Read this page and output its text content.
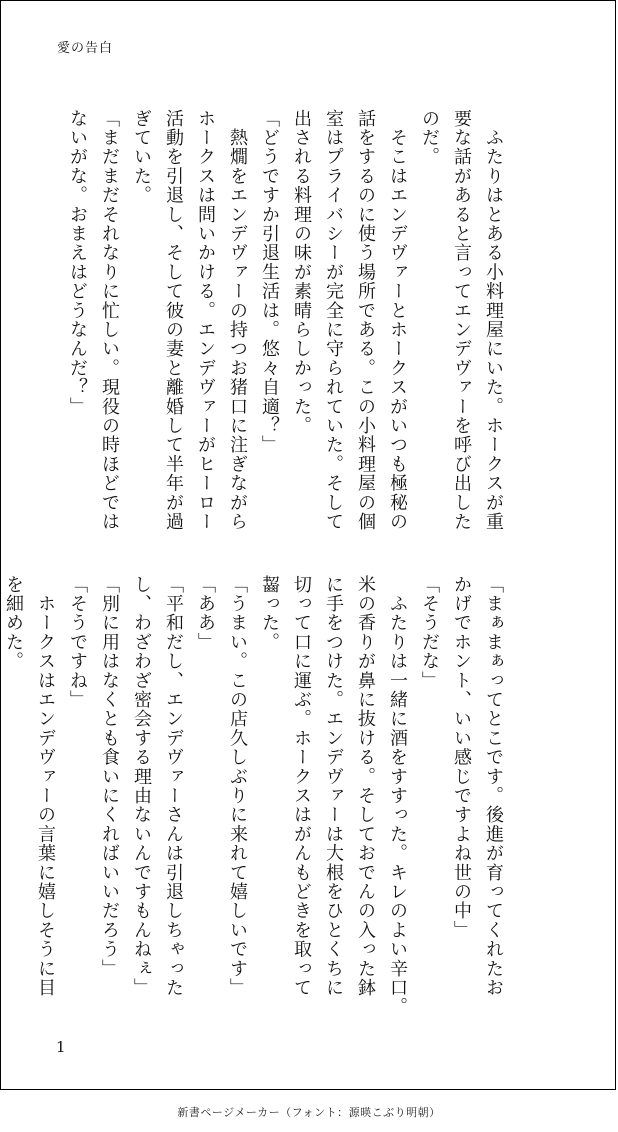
愛の告白
　ふたりはとある小料理屋にいた。ホークスが重
要な話があると言ってエンデヴァーを呼び出した
のだ。
　そこはエンデヴァーとホークスがいつも極秘の
話をするのに使う場所である。この小料理屋の個
室はプライバシーが完全に守られていた。そして
出される料理の味が素晴らしかった。
「どうですか引退生活は。悠々自適？」
　熱燗をエンデヴァーの持つお猪口に注ぎながら
ホークスは問いかける。エンデヴァーがヒーロー
活動を引退し、そして彼の妻と離婚して半年が過
ぎていた。
「まだまだそれなりに忙しい。現役の時ほどでは
ないがな。おまえはどうなんだ？」
「まぁまぁってとこです。後進が育ってくれたお
かげでホント、いい感じですよね世の中」
「そうだな」
　ふたりは一緒に酒をすすった。キレのよい辛口。
米の香りが鼻に抜ける。そしておでんの入った鉢
に手をつけた。エンデヴァーは大根をひとくちに
切って口に運ぶ。ホークスはがんもどきを取って
齧った。
「うまい。この店久しぶりに来れて嬉しいです」
「ああ」
「平和だし、エンデヴァーさんは引退しちゃった
し、わざわざ密会する理由ないんですもんねぇ」
「別に用はなくとも食いにくればいいだろう」
「そうですね」
　ホークスはエンデヴァーの言葉に嬉しそうに目
を細めた。
1
新書ページメーカー（フォント：源暎こぶり明朝）
